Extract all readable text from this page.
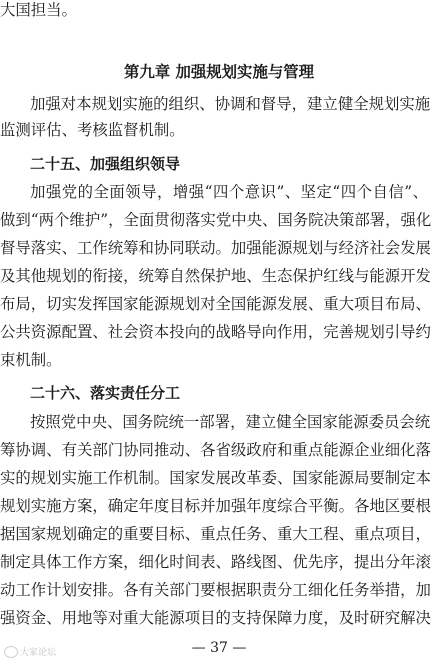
大国担当。
第九章 加强规划实施与管理
加强对本规划实施的组织、协调和督导，建立健全规划实施
监测评估、考核监督机制。
二十五、加强组织领导
加强党的全面领导，增强“四个意识”、坚定“四个自信”、
做到“两个维护”，全面贯彻落实党中央、国务院决策部署，强化
督导落实、工作统筹和协同联动。加强能源规划与经济社会发展
及其他规划的衔接，统筹自然保护地、生态保护红线与能源开发
布局，切实发挥国家能源规划对全国能源发展、重大项目布局、
公共资源配置、社会资本投向的战略导向作用，完善规划引导约
束机制。
二十六、落实责任分工
按照党中央、国务院统一部署，建立健全国家能源委员会统
筹协调、有关部门协同推动、各省级政府和重点能源企业细化落
实的规划实施工作机制。国家发展改革委、国家能源局要制定本
规划实施方案，确定年度目标并加强年度综合平衡。各地区要根
据国家规划确定的重要目标、重点任务、重大工程、重点项目，
制定具体工作方案，细化时间表、路线图、优先序，提出分年滚
动工作计划安排。各有关部门要根据职责分工细化任务举措，加
强资金、用地等对重大能源项目的支持保障力度，及时研究解决
— 37 —
大家论坛
